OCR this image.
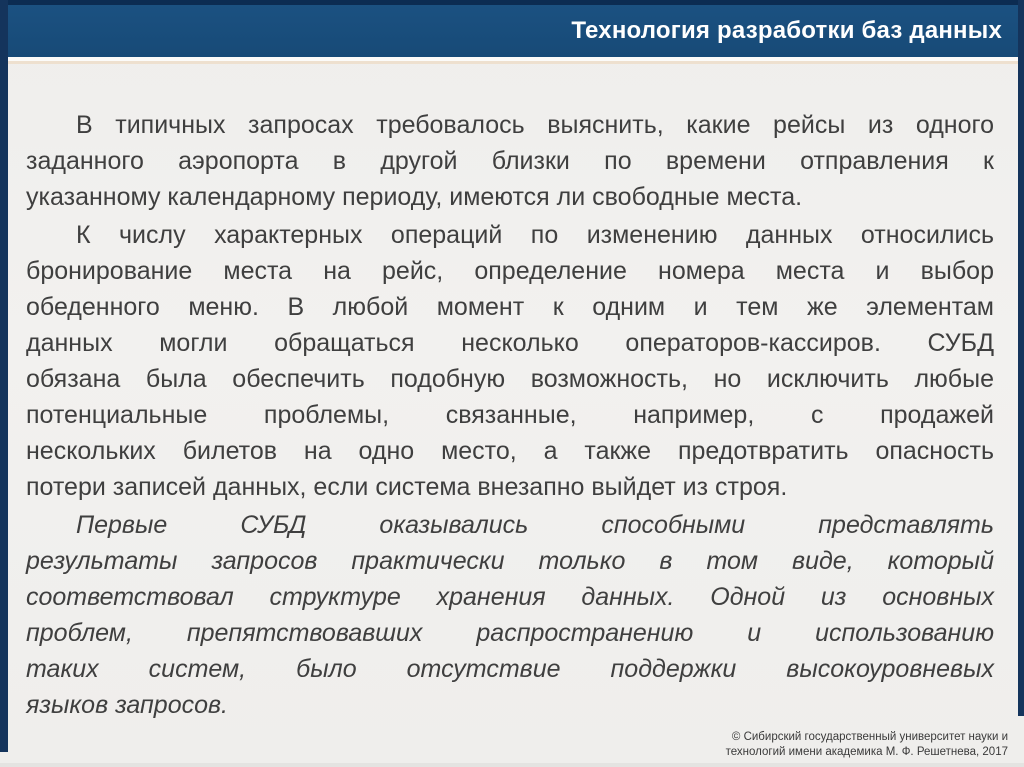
Технология разработки баз данных
В типичных запросах требовалось выяснить, какие рейсы из одного
заданного аэропорта в другой близки по времени отправления к
указанному календарному периоду, имеются ли свободные места.
К числу характерных операций по изменению данных относились
бронирование места на рейс, определение номера места и выбор
обеденного меню. В любой момент к одним и тем же элементам
данных могли обращаться несколько операторов-кассиров. СУБД
обязана была обеспечить подобную возможность, но исключить любые
потенциальные проблемы, связанные, например, с продажей
нескольких билетов на одно место, а также предотвратить опасность
потери записей данных, если система внезапно выйдет из строя.
Первые СУБД оказывались способными представлять
результаты запросов практически только в том виде, который
соответствовал структуре хранения данных. Одной из основных
проблем, препятствовавших распространению и использованию
таких систем, было отсутствие поддержки высокоуровневых
языков запросов.
© Сибирский государственный университет науки и
технологий имени академика М. Ф. Решетнева, 2017
